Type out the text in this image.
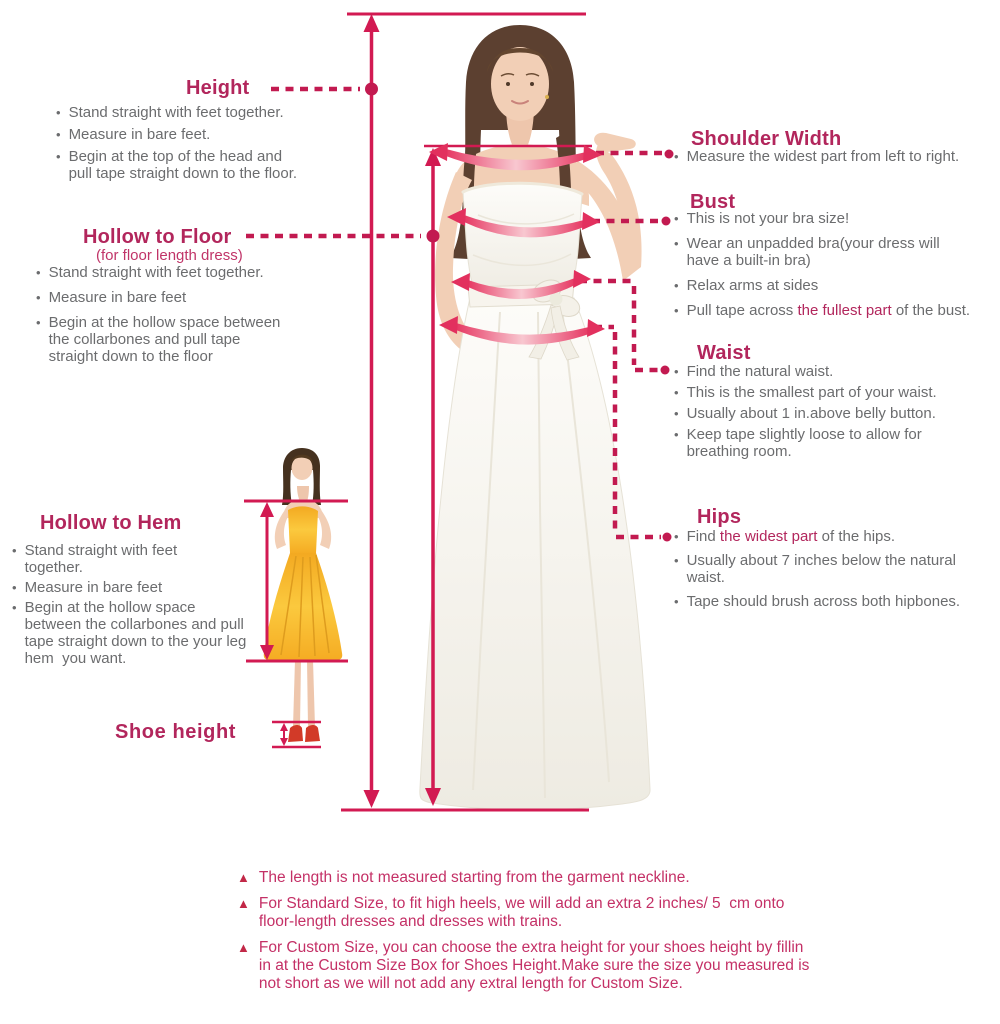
Height
• Stand straight with feet together.
• Measure in bare feet.
• Begin at the top of the head and
pull tape straight down to the floor.
Hollow to Floor
(for floor length dress)
• Stand straight with feet together.
• Measure in bare feet
• Begin at the hollow space between
the collarbones and pull tape
straight down to the floor
Hollow to Hem
• Stand straight with feet
together.
• Measure in bare feet
• Begin at the hollow space
between the collarbones and pull
tape straight down to the your leg
hem  you want.
Shoe height
Shoulder Width
• Measure the widest part from left to right.
Bust
• This is not your bra size!
• Wear an unpadded bra(your dress will
have a built-in bra)
• Relax arms at sides
• Pull tape across the fullest part of the bust.
Waist
• Find the natural waist.
• This is the smallest part of your waist.
• Usually about 1 in.above belly button.
• Keep tape slightly loose to allow for
breathing room.
Hips
• Find the widest part of the hips.
• Usually about 7 inches below the natural
waist.
• Tape should brush across both hipbones.
▲ The length is not measured starting from the garment neckline.
▲ For Standard Size, to fit high heels, we will add an extra 2 inches/ 5  cm onto
floor-length dresses and dresses with trains.
▲ For Custom Size, you can choose the extra height for your shoes height by fillin
in at the Custom Size Box for Shoes Height.Make sure the size you measured is
not short as we will not add any extral length for Custom Size.
